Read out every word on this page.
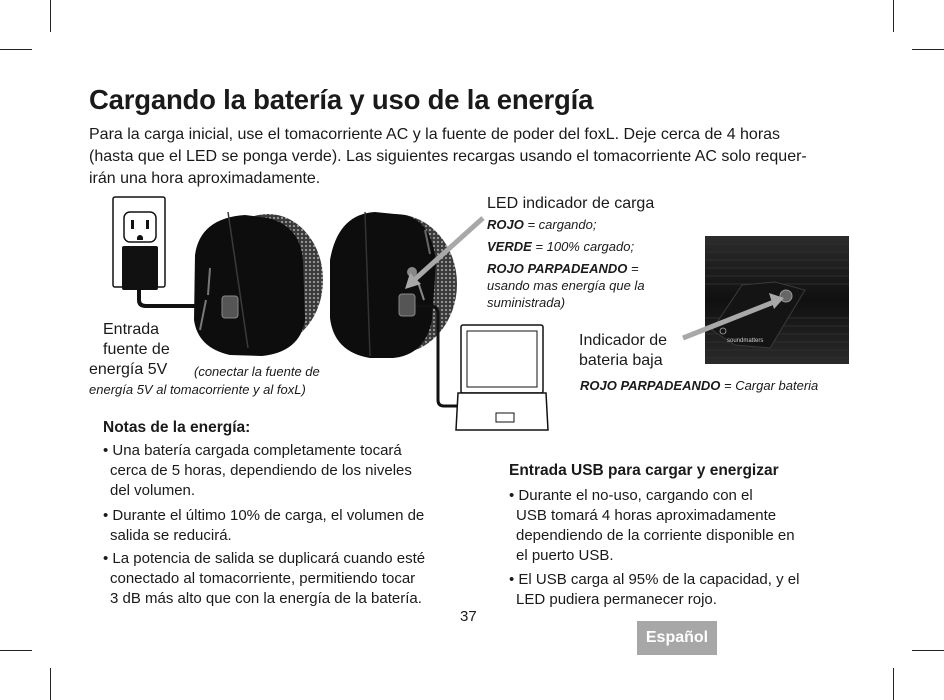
Cargando la batería y uso de la energía
Para la carga inicial, use el tomacorriente AC y la fuente de poder del foxL. Deje cerca de 4 horas
(hasta que el LED se ponga verde). Las siguientes recargas usando el tomacorriente AC solo requer-
irán una hora aproximadamente.
soundmatters
LED indicador de carga
ROJO = cargando;
VERDE = 100% cargado;
ROJO PARPADEANDO =
usando mas energía que la
suministrada)
Entrada
fuente de
energía 5V (conectar la fuente de
energía 5V al tomacorriente y al foxL)
Indicador de
bateria baja
ROJO PARPADEANDO = Cargar bateria
Notas de la energía:
• Una batería cargada completamente tocará
cerca de 5 horas, dependiendo de los niveles
del volumen.
• Durante el último 10% de carga, el volumen de
salida se reducirá.
• La potencia de salida se duplicará cuando esté
conectado al tomacorriente, permitiendo tocar
3 dB más alto que con la energía de la batería.
Entrada USB para cargar y energizar
• Durante el no-uso, cargando con el
USB tomará 4 horas aproximadamente
dependiendo de la corriente disponible en
el puerto USB.
• El USB carga al 95% de la capacidad, y el
LED pudiera permanecer rojo.
37
Español
